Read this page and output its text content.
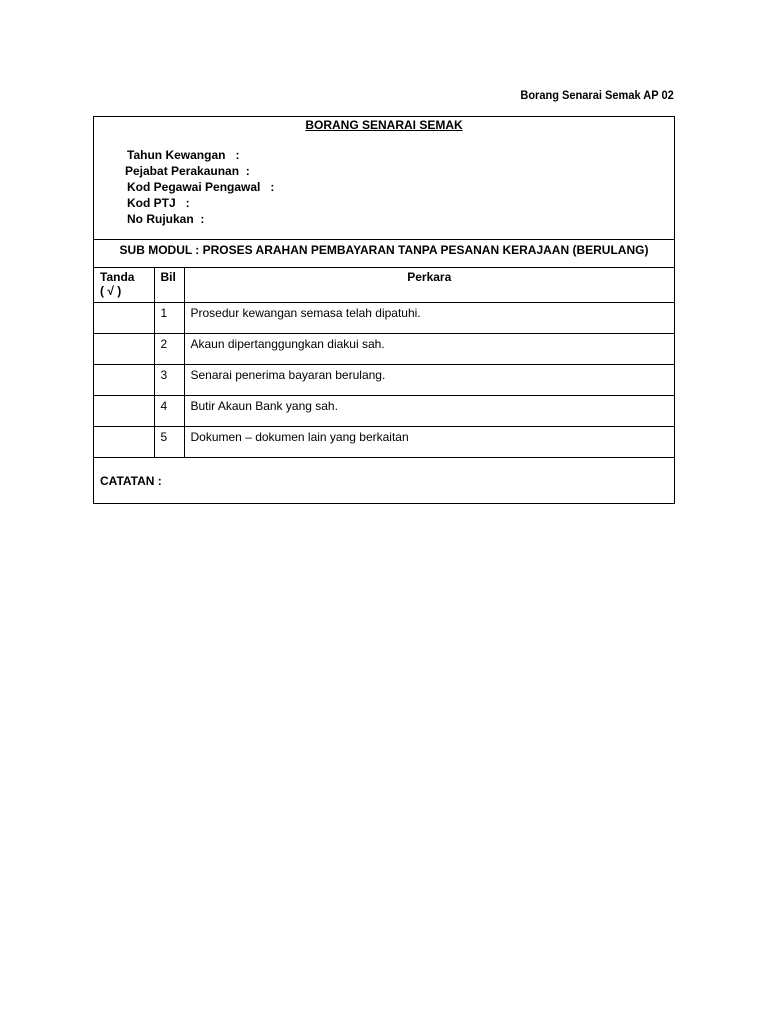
Borang Senarai Semak AP 02
BORANG SENARAI SEMAK
Tahun Kewangan   :
Pejabat Perakaunan  :
Kod Pegawai Pengawal   :
Kod PTJ   :
No Rujukan  :
SUB MODUL : PROSES ARAHAN PEMBAYARAN TANPA PESANAN KERAJAAN (BERULANG)
Tanda
( √ )	Bil	Perkara
	1	Prosedur kewangan semasa telah dipatuhi.
	2	Akaun dipertanggungkan diakui sah.
	3	Senarai penerima bayaran berulang.
	4	Butir Akaun Bank yang sah.
	5	Dokumen – dokumen lain yang berkaitan
CATATAN :
